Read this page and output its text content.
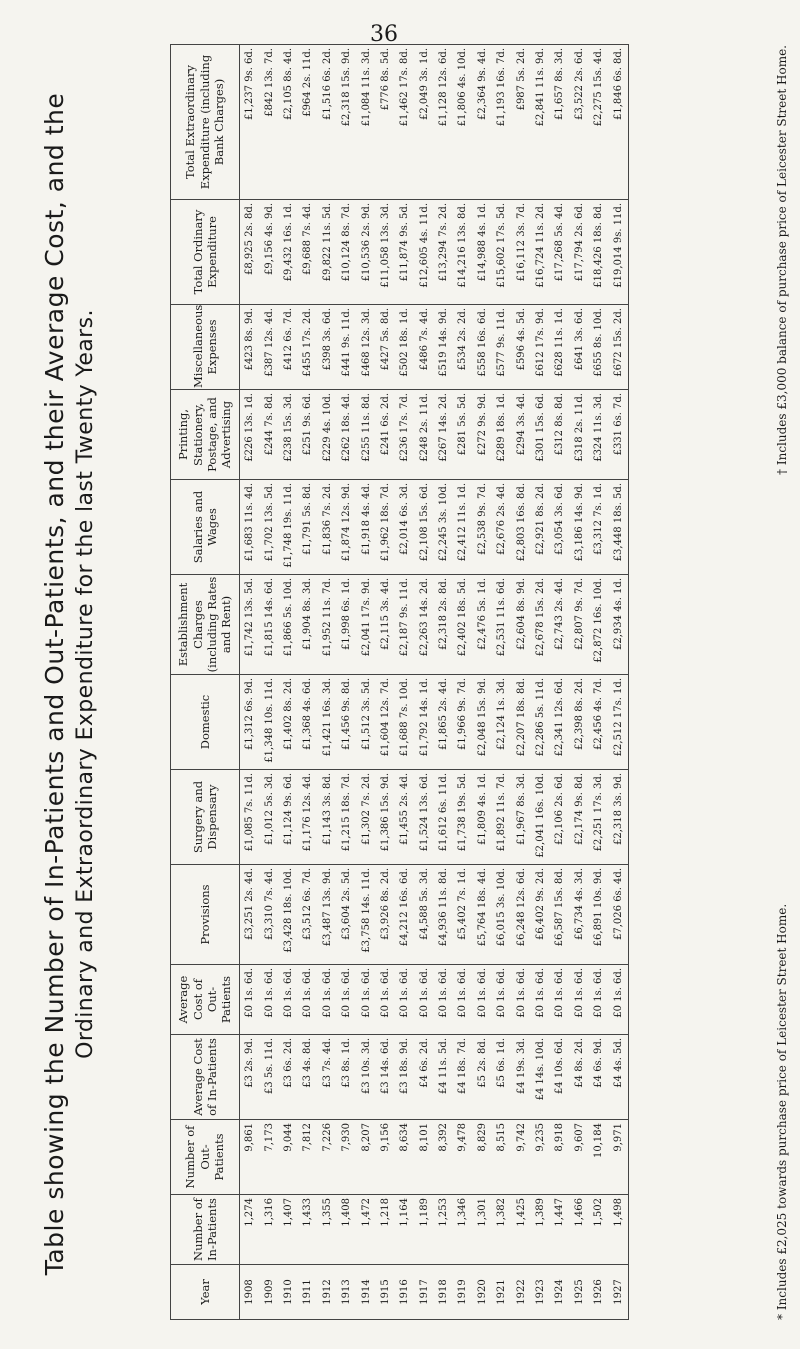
36
Table showing the Number of In-Patients and Out-Patients, and their Average Cost, and the Ordinary and Extraordinary Expenditure for the last Twenty Years.
Year	Number of In-Patients	Number of Out-Patients	Average Cost of In-Patients	Average Cost of Out-Patients	Provisions	Surgery and Dispensary	Domestic	Establishment Charges (including Rates and Rent)	Salaries and Wages	Printing, Stationery, Postage, and Advertising	Miscellaneous Expenses	Total Ordinary Expenditure	Total Extraordinary Expenditure (including Bank Charges)
1908	1,274	9,861	£3 2s. 9d.	£0 1s. 6d.	£3,251 2s. 4d.	£1,085 7s. 11d.	£1,312 6s. 9d.	£1,742 13s. 5d.	£1,683 11s. 4d.	£226 13s. 1d.	£423 8s. 9d.	£8,925 2s. 8d.	£1,237 9s. 6d.
1909	1,316	7,173	£3 5s. 11d.	£0 1s. 6d.	£3,310 7s. 4d.	£1,012 5s. 3d.	£1,348 10s. 11d.	£1,815 14s. 6d.	£1,702 13s. 5d.	£244 7s. 8d.	£387 12s. 4d.	£9,156 4s. 9d.	£842 13s. 7d.
1910	1,407	9,044	£3 6s. 2d.	£0 1s. 6d.	£3,428 18s. 10d.	£1,124 9s. 6d.	£1,402 8s. 2d.	£1,866 5s. 10d.	£1,748 19s. 11d.	£238 15s. 3d.	£412 6s. 7d.	£9,432 16s. 1d.	£2,105 8s. 4d.
1911	1,433	7,812	£3 4s. 8d.	£0 1s. 6d.	£3,512 6s. 7d.	£1,176 12s. 4d.	£1,368 4s. 6d.	£1,904 8s. 3d.	£1,791 5s. 8d.	£251 9s. 6d.	£455 17s. 2d.	£9,688 7s. 4d.	£964 2s. 11d.
1912	1,355	7,226	£3 7s. 4d.	£0 1s. 6d.	£3,487 13s. 9d.	£1,143 3s. 8d.	£1,421 16s. 3d.	£1,952 11s. 7d.	£1,836 7s. 2d.	£229 4s. 10d.	£398 3s. 6d.	£9,822 11s. 5d.	£1,516 6s. 2d.
1913	1,408	7,930	£3 8s. 1d.	£0 1s. 6d.	£3,604 2s. 5d.	£1,215 18s. 7d.	£1,456 9s. 8d.	£1,998 6s. 1d.	£1,874 12s. 9d.	£262 18s. 4d.	£441 9s. 11d.	£10,124 8s. 7d.	£2,318 15s. 9d.
1914	1,472	8,207	£3 10s. 3d.	£0 1s. 6d.	£3,758 14s. 11d.	£1,302 7s. 2d.	£1,512 3s. 5d.	£2,041 17s. 9d.	£1,918 4s. 4d.	£255 11s. 8d.	£468 12s. 3d.	£10,536 2s. 9d.	£1,084 11s. 3d.
1915	1,218	9,156	£3 14s. 6d.	£0 1s. 6d.	£3,926 8s. 2d.	£1,386 15s. 9d.	£1,604 12s. 7d.	£2,115 3s. 4d.	£1,962 18s. 7d.	£241 6s. 2d.	£427 5s. 8d.	£11,058 13s. 3d.	£776 8s. 5d.
1916	1,164	8,634	£3 18s. 9d.	£0 1s. 6d.	£4,212 16s. 6d.	£1,455 2s. 4d.	£1,688 7s. 10d.	£2,187 9s. 11d.	£2,014 6s. 3d.	£236 17s. 7d.	£502 18s. 1d.	£11,874 9s. 5d.	£1,462 17s. 8d.
1917	1,189	8,101	£4 6s. 2d.	£0 1s. 6d.	£4,588 5s. 3d.	£1,524 13s. 6d.	£1,792 14s. 1d.	£2,263 14s. 2d.	£2,108 15s. 6d.	£248 2s. 11d.	£486 7s. 4d.	£12,605 4s. 11d.	£2,049 3s. 1d.
1918	1,253	8,392	£4 11s. 5d.	£0 1s. 6d.	£4,936 11s. 8d.	£1,612 6s. 11d.	£1,865 2s. 4d.	£2,318 2s. 8d.	£2,245 3s. 10d.	£267 14s. 2d.	£519 14s. 9d.	£13,294 7s. 2d.	£1,128 12s. 6d.
1919	1,346	9,478	£4 18s. 7d.	£0 1s. 6d.	£5,402 7s. 1d.	£1,738 19s. 5d.	£1,966 9s. 7d.	£2,402 18s. 5d.	£2,412 11s. 1d.	£281 5s. 5d.	£534 2s. 2d.	£14,216 13s. 8d.	£1,806 4s. 10d.
1920	1,301	8,829	£5 2s. 8d.	£0 1s. 6d.	£5,764 18s. 4d.	£1,809 4s. 1d.	£2,048 15s. 9d.	£2,476 5s. 1d.	£2,538 9s. 7d.	£272 9s. 9d.	£558 16s. 6d.	£14,988 4s. 1d.	£2,364 9s. 4d.
1921	1,382	8,515	£5 6s. 1d.	£0 1s. 6d.	£6,015 3s. 10d.	£1,892 11s. 7d.	£2,124 1s. 3d.	£2,531 11s. 6d.	£2,676 2s. 4d.	£289 18s. 1d.	£577 9s. 11d.	£15,602 17s. 5d.	£1,193 16s. 7d.
1922	1,425	9,742	£4 19s. 3d.	£0 1s. 6d.	£6,248 12s. 6d.	£1,967 8s. 3d.	£2,207 18s. 8d.	£2,604 8s. 9d.	£2,803 16s. 8d.	£294 3s. 4d.	£596 4s. 5d.	£16,112 3s. 7d.	£987 5s. 2d.
1923	1,389	9,235	£4 14s. 10d.	£0 1s. 6d.	£6,402 9s. 2d.	£2,041 16s. 10d.	£2,286 5s. 11d.	£2,678 15s. 2d.	£2,921 8s. 2d.	£301 15s. 6d.	£612 17s. 9d.	£16,724 11s. 2d.	£2,841 11s. 9d.
1924	1,447	8,918	£4 10s. 6d.	£0 1s. 6d.	£6,587 15s. 8d.	£2,106 2s. 6d.	£2,341 12s. 6d.	£2,743 2s. 4d.	£3,054 3s. 6d.	£312 8s. 8d.	£628 11s. 1d.	£17,268 5s. 4d.	£1,657 8s. 3d.
1925	1,466	9,607	£4 8s. 2d.	£0 1s. 6d.	£6,734 4s. 3d.	£2,174 9s. 8d.	£2,398 8s. 2d.	£2,807 9s. 7d.	£3,186 14s. 9d.	£318 2s. 11d.	£641 3s. 6d.	£17,794 2s. 6d.	£3,522 2s. 6d.
1926	1,502	10,184	£4 6s. 9d.	£0 1s. 6d.	£6,891 10s. 9d.	£2,251 17s. 3d.	£2,456 4s. 7d.	£2,872 16s. 10d.	£3,312 7s. 1d.	£324 11s. 3d.	£655 8s. 10d.	£18,426 18s. 8d.	£2,275 15s. 4d.
1927	1,498	9,971	£4 4s. 5d.	£0 1s. 6d.	£7,026 6s. 4d.	£2,318 3s. 9d.	£2,512 17s. 1d.	£2,934 4s. 1d.	£3,448 18s. 5d.	£331 6s. 7d.	£672 15s. 2d.	£19,014 9s. 11d.	£1,846 6s. 8d.
* Includes £2,025 towards purchase price of Leicester Street Home.
† Includes £3,000 balance of purchase price of Leicester Street Home.
